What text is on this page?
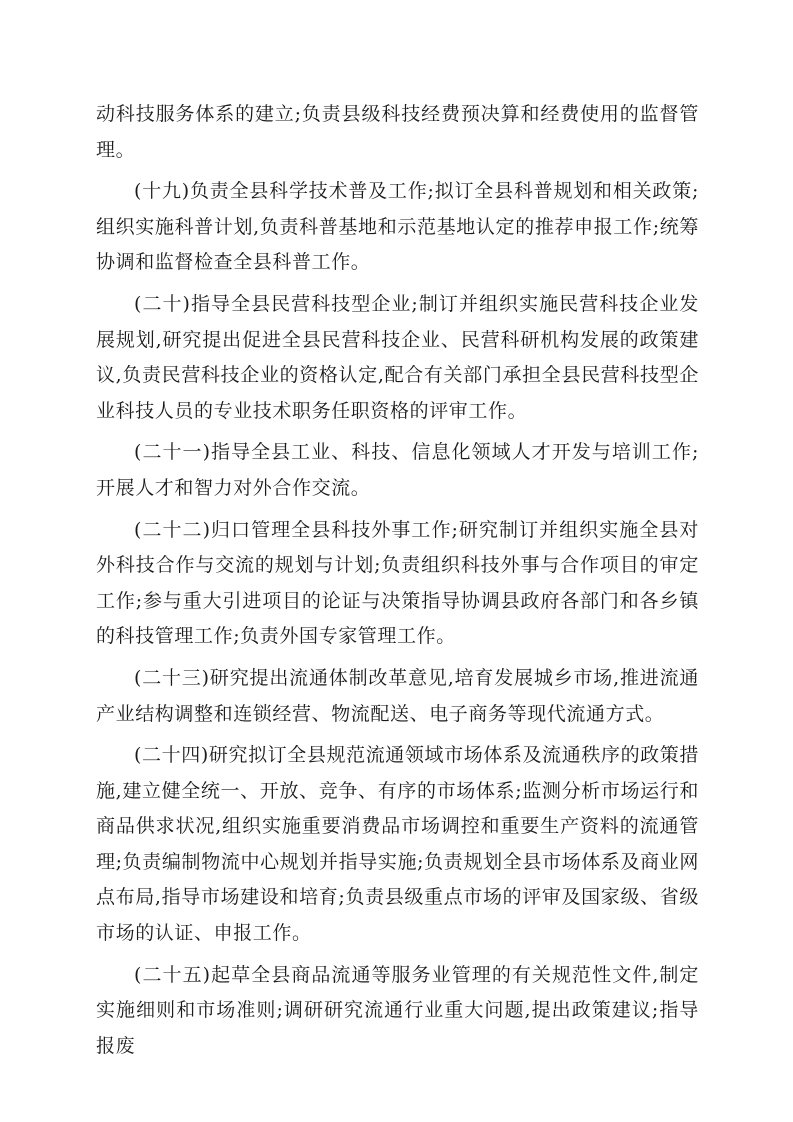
动科技服务体系的建立;负责县级科技经费预决算和经费使用的监督管理。

(十九)负责全县科学技术普及工作;拟订全县科普规划和相关政策;组织实施科普计划,负责科普基地和示范基地认定的推荐申报工作;统筹协调和监督检查全县科普工作。

(二十)指导全县民营科技型企业;制订并组织实施民营科技企业发展规划,研究提出促进全县民营科技企业、民营科研机构发展的政策建议,负责民营科技企业的资格认定,配合有关部门承担全县民营科技型企业科技人员的专业技术职务任职资格的评审工作。

(二十一)指导全县工业、科技、信息化领域人才开发与培训工作;开展人才和智力对外合作交流。

(二十二)归口管理全县科技外事工作;研究制订并组织实施全县对外科技合作与交流的规划与计划;负责组织科技外事与合作项目的审定工作;参与重大引进项目的论证与决策指导协调县政府各部门和各乡镇的科技管理工作;负责外国专家管理工作。

(二十三)研究提出流通体制改革意见,培育发展城乡市场,推进流通产业结构调整和连锁经营、物流配送、电子商务等现代流通方式。

(二十四)研究拟订全县规范流通领域市场体系及流通秩序的政策措施,建立健全统一、开放、竞争、有序的市场体系;监测分析市场运行和商品供求状况,组织实施重要消费品市场调控和重要生产资料的流通管理;负责编制物流中心规划并指导实施;负责规划全县市场体系及商业网点布局,指导市场建设和培育;负责县级重点市场的评审及国家级、省级市场的认证、申报工作。

(二十五)起草全县商品流通等服务业管理的有关规范性文件,制定实施细则和市场准则;调研研究流通行业重大问题,提出政策建议;指导报废
